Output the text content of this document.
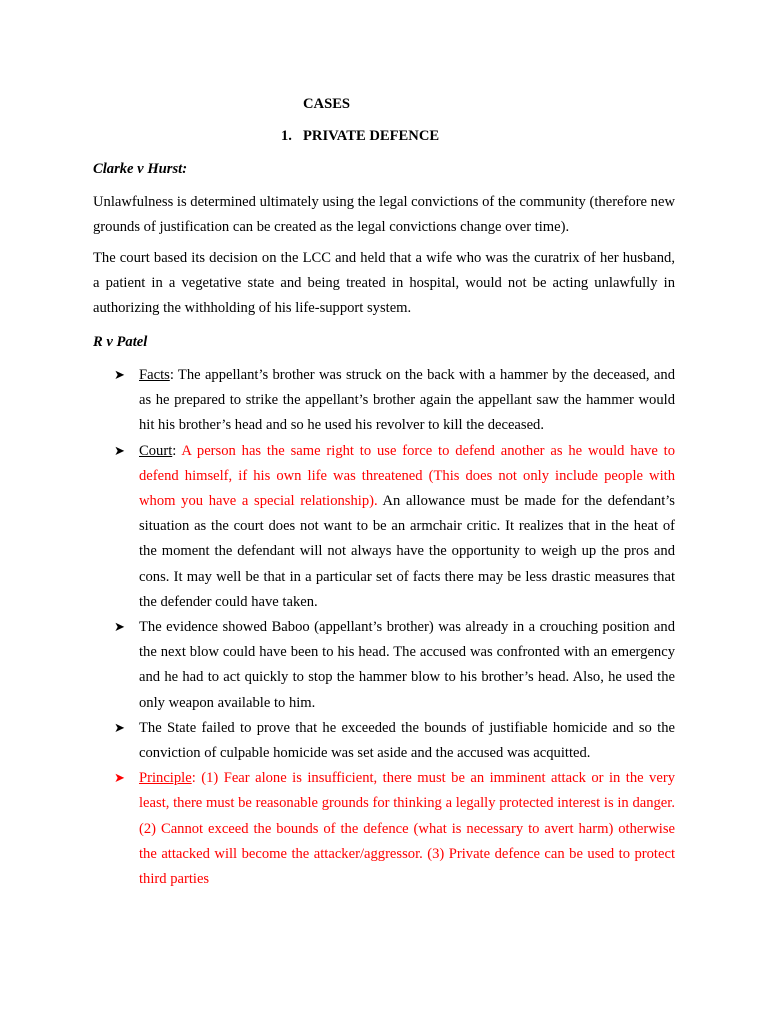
CASES

1. PRIVATE DEFENCE

Clarke v Hurst:

Unlawfulness is determined ultimately using the legal convictions of the community (therefore new grounds of justification can be created as the legal convictions change over time).

The court based its decision on the LCC and held that a wife who was the curatrix of her husband, a patient in a vegetative state and being treated in hospital, would not be acting unlawfully in authorizing the withholding of his life-support system.

R v Patel

➤ Facts: The appellant’s brother was struck on the back with a hammer by the deceased, and as he prepared to strike the appellant’s brother again the appellant saw the hammer would hit his brother’s head and so he used his revolver to kill the deceased.
➤ Court: A person has the same right to use force to defend another as he would have to defend himself, if his own life was threatened (This does not only include people with whom you have a special relationship). An allowance must be made for the defendant’s situation as the court does not want to be an armchair critic. It realizes that in the heat of the moment the defendant will not always have the opportunity to weigh up the pros and cons. It may well be that in a particular set of facts there may be less drastic measures that the defender could have taken.
➤ The evidence showed Baboo (appellant’s brother) was already in a crouching position and the next blow could have been to his head. The accused was confronted with an emergency and he had to act quickly to stop the hammer blow to his brother’s head. Also, he used the only weapon available to him.
➤ The State failed to prove that he exceeded the bounds of justifiable homicide and so the conviction of culpable homicide was set aside and the accused was acquitted.
➤ Principle: (1) Fear alone is insufficient, there must be an imminent attack or in the very least, there must be reasonable grounds for thinking a legally protected interest is in danger. (2) Cannot exceed the bounds of the defence (what is necessary to avert harm) otherwise the attacked will become the attacker/aggressor. (3) Private defence can be used to protect third parties
